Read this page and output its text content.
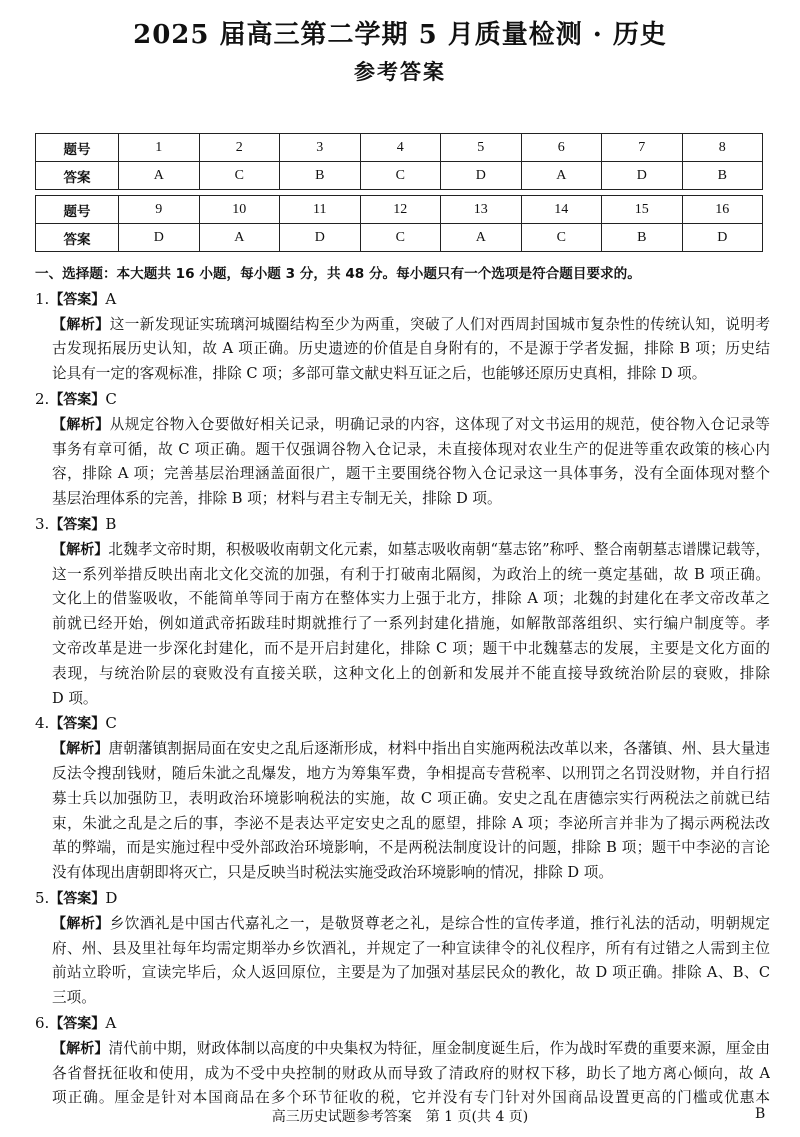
2025 届高三第二学期 5 月质量检测 · 历史
参考答案
题号	1	2	3	4	5	6	7	8
答案	A	C	B	C	D	A	D	B
题号	9	10	11	12	13	14	15	16
答案	D	A	D	C	A	C	B	D
一、选择题：本大题共 16 小题，每小题 3 分，共 48 分。每小题只有一个选项是符合题目要求的。
1.【答案】A
【解析】这一新发现证实琉璃河城圈结构至少为两重，突破了人们对西周封国城市复杂性的传统认知，说明考
古发现拓展历史认知，故 A 项正确。历史遗迹的价值是自身附有的，不是源于学者发掘，排除 B 项；历史结
论具有一定的客观标准，排除 C 项；多部可靠文献史料互证之后，也能够还原历史真相，排除 D 项。
2.【答案】C
【解析】从规定谷物入仓要做好相关记录，明确记录的内容，这体现了对文书运用的规范，使谷物入仓记录等
事务有章可循，故 C 项正确。题干仅强调谷物入仓记录，未直接体现对农业生产的促进等重农政策的核心内
容，排除 A 项；完善基层治理涵盖面很广，题干主要围绕谷物入仓记录这一具体事务，没有全面体现对整个
基层治理体系的完善，排除 B 项；材料与君主专制无关，排除 D 项。
3.【答案】B
【解析】北魏孝文帝时期，积极吸收南朝文化元素，如墓志吸收南朝“墓志铭”称呼、整合南朝墓志谱牒记载等，
这一系列举措反映出南北文化交流的加强，有利于打破南北隔阂，为政治上的统一奠定基础，故 B 项正确。
文化上的借鉴吸收，不能简单等同于南方在整体实力上强于北方，排除 A 项；北魏的封建化在孝文帝改革之
前就已经开始，例如道武帝拓跋珪时期就推行了一系列封建化措施，如解散部落组织、实行编户制度等。孝
文帝改革是进一步深化封建化，而不是开启封建化，排除 C 项；题干中北魏墓志的发展，主要是文化方面的
表现，与统治阶层的衰败没有直接关联，这种文化上的创新和发展并不能直接导致统治阶层的衰败，排除
D 项。
4.【答案】C
【解析】唐朝藩镇割据局面在安史之乱后逐渐形成，材料中指出自实施两税法改革以来，各藩镇、州、县大量违
反法令搜刮钱财，随后朱泚之乱爆发，地方为筹集军费，争相提高专营税率、以刑罚之名罚没财物，并自行招
募士兵以加强防卫，表明政治环境影响税法的实施，故 C 项正确。安史之乱在唐德宗实行两税法之前就已结
束，朱泚之乱是之后的事，李泌不是表达平定安史之乱的愿望，排除 A 项；李泌所言并非为了揭示两税法改
革的弊端，而是实施过程中受外部政治环境影响，不是两税法制度设计的问题，排除 B 项；题干中李泌的言论
没有体现出唐朝即将灭亡，只是反映当时税法实施受政治环境影响的情况，排除 D 项。
5.【答案】D
【解析】乡饮酒礼是中国古代嘉礼之一，是敬贤尊老之礼，是综合性的宣传孝道，推行礼法的活动，明朝规定
府、州、县及里社每年均需定期举办乡饮酒礼，并规定了一种宣读律令的礼仪程序，所有有过错之人需到主位
前站立聆听，宣读完毕后，众人返回原位，主要是为了加强对基层民众的教化，故 D 项正确。排除 A、B、C
三项。
6.【答案】A
【解析】清代前中期，财政体制以高度的中央集权为特征，厘金制度诞生后，作为战时军费的重要来源，厘金由
各省督抚征收和使用，成为不受中央控制的财政从而导致了清政府的财权下移，助长了地方离心倾向，故 A
项正确。厘金是针对本国商品在多个环节征收的税，它并没有专门针对外国商品设置更高的门槛或优惠本
高三历史试题参考答案　第 1 页(共 4 页)	B
